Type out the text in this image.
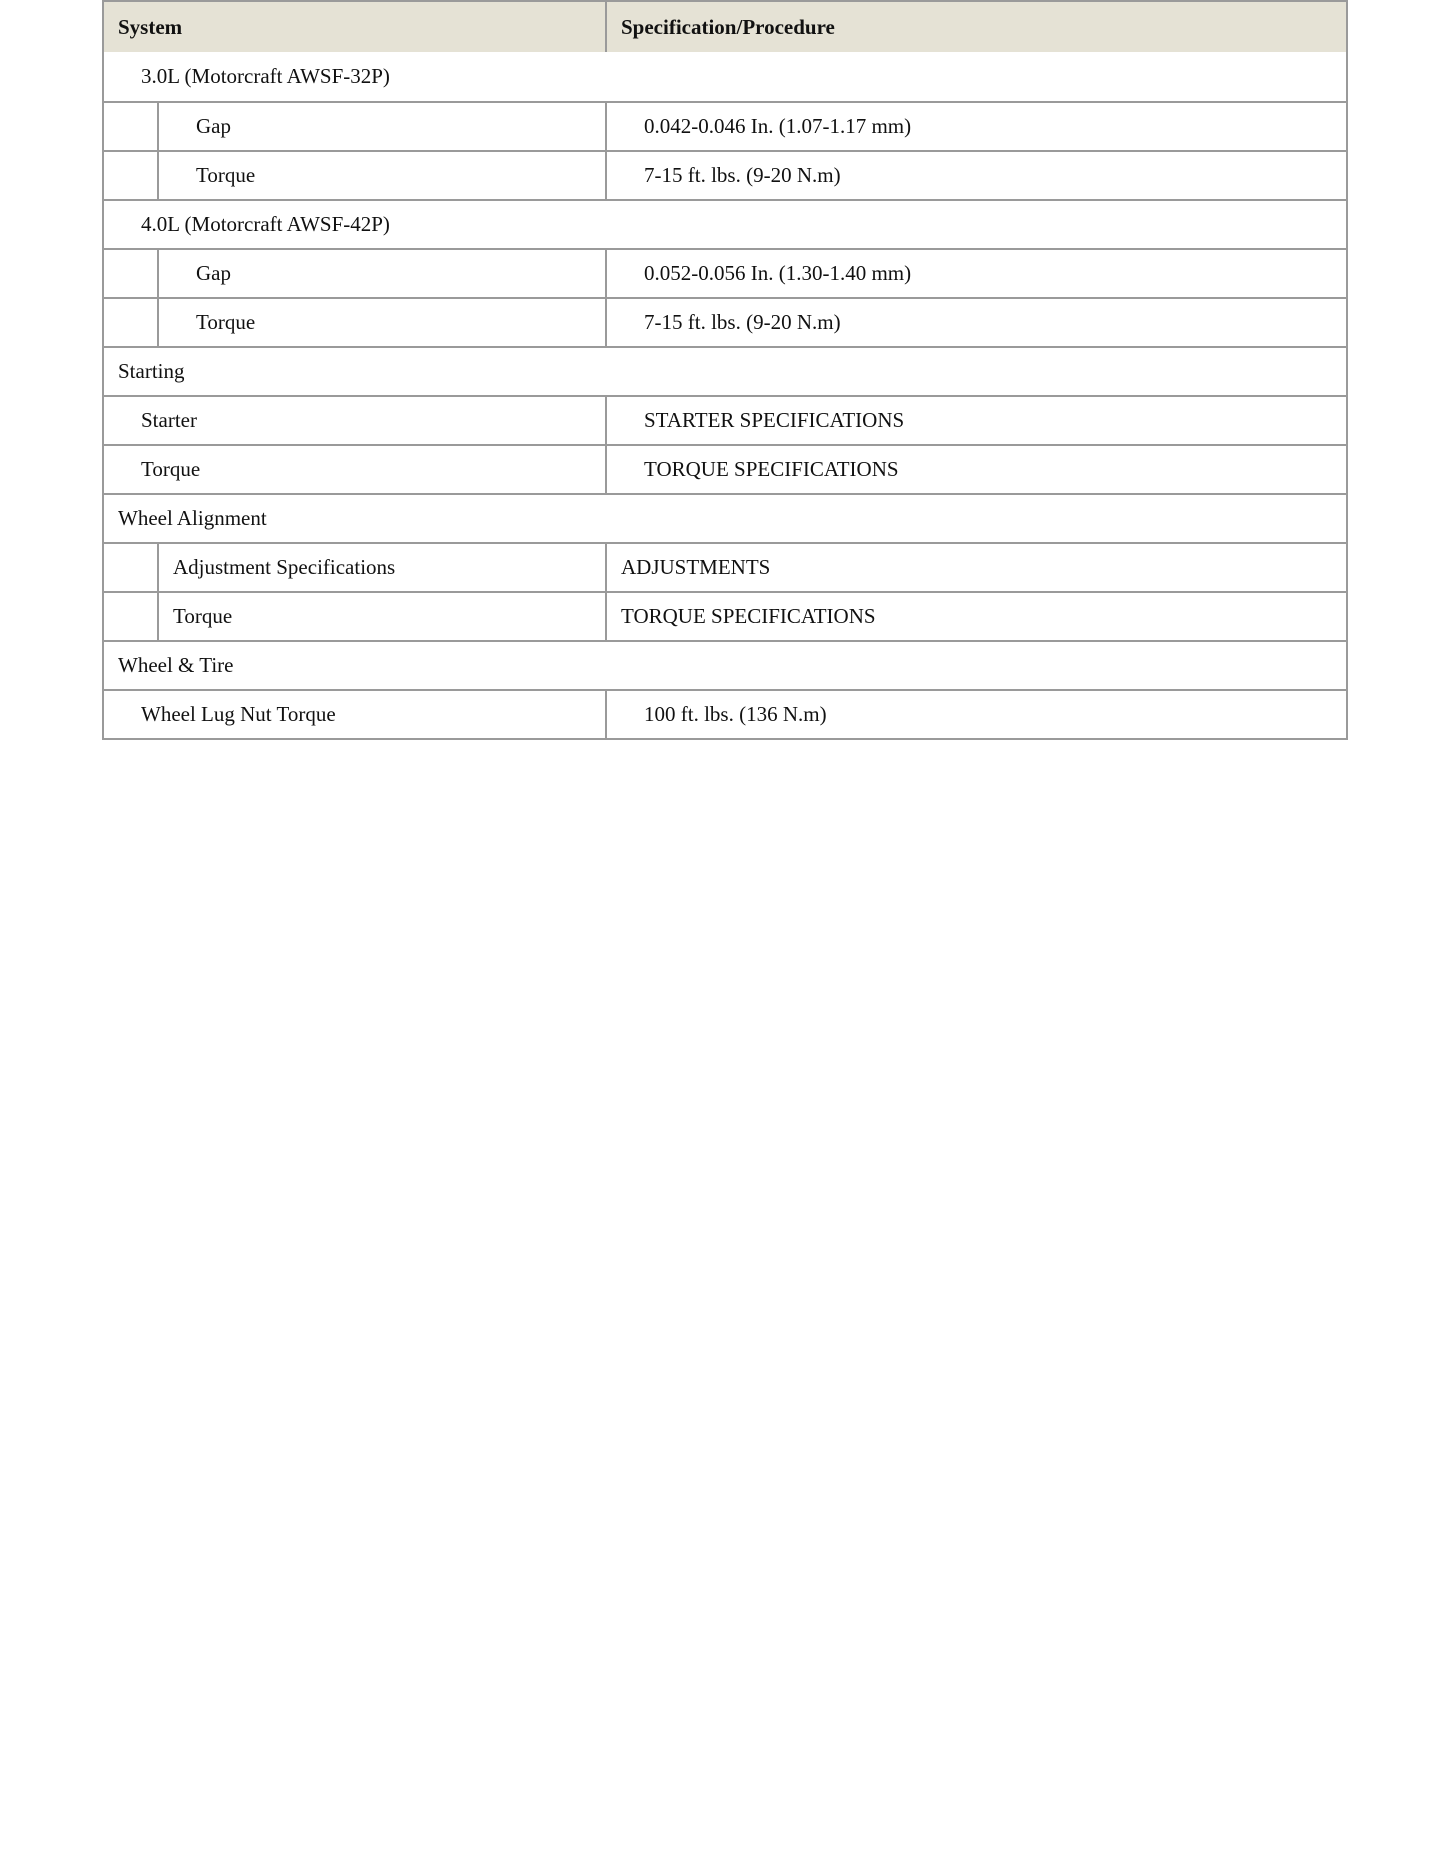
System	Specification/Procedure
3.0L (Motorcraft AWSF-32P)
Gap	0.042-0.046 In. (1.07-1.17 mm)
Torque	7-15 ft. lbs. (9-20 N.m)
4.0L (Motorcraft AWSF-42P)
Gap	0.052-0.056 In. (1.30-1.40 mm)
Torque	7-15 ft. lbs. (9-20 N.m)
Starting
Starter	STARTER SPECIFICATIONS
Torque	TORQUE SPECIFICATIONS
Wheel Alignment
Adjustment Specifications	ADJUSTMENTS
Torque	TORQUE SPECIFICATIONS
Wheel & Tire
Wheel Lug Nut Torque	100 ft. lbs. (136 N.m)
